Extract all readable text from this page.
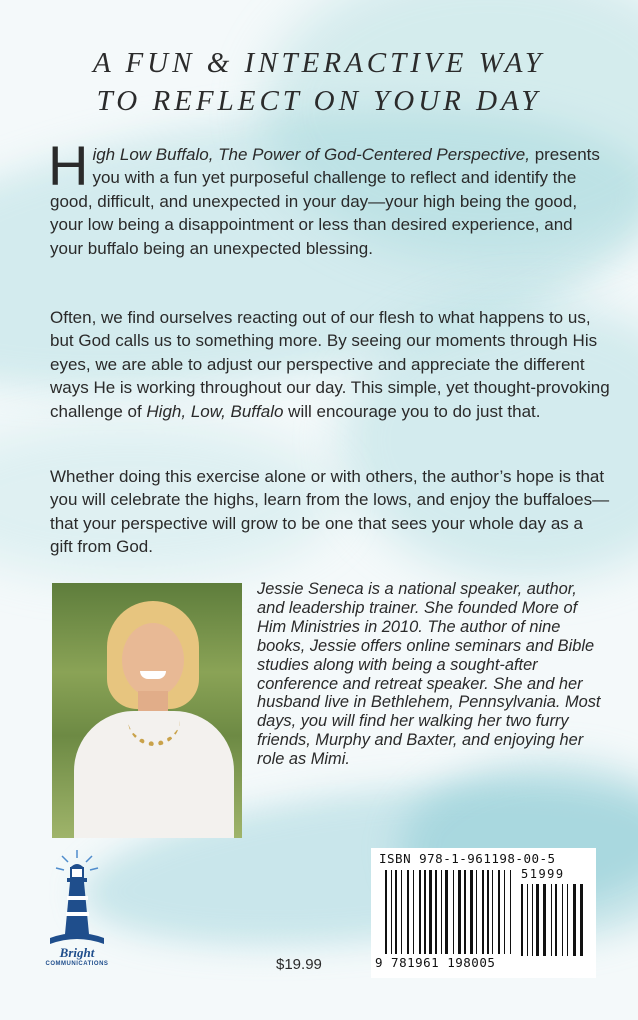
A FUN & INTERACTIVE WAY
TO REFLECT ON YOUR DAY
High Low Buffalo, The Power of God-Centered Perspective, presents you with a fun yet purposeful challenge to reflect and identify the good, difficult, and unexpected in your day—your high being the good, your low being a disappointment or less than desired experience, and your buffalo being an unexpected blessing.
Often, we find ourselves reacting out of our flesh to what happens to us, but God calls us to something more. By seeing our moments through His eyes, we are able to adjust our perspective and appreciate the different ways He is working throughout our day. This simple, yet thought-provoking challenge of High, Low, Buffalo will encourage you to do just that.
Whether doing this exercise alone or with others, the author’s hope is that you will celebrate the highs, learn from the lows, and enjoy the buffaloes—that your perspective will grow to be one that sees your whole day as a gift from God.
Jessie Seneca is a national speaker, author, and leadership trainer. She founded More of Him Ministries in 2010. The author of nine books, Jessie offers online seminars and Bible studies along with being a sought-after conference and retreat speaker. She and her husband live in Bethlehem, Pennsylvania. Most days, you will find her walking her two furry friends, Murphy and Baxter, and enjoying her role as Mimi.
Bright
COMMUNICATIONS	$19.99
ISBN 978-1-961198-00-5
51999
9 781961 198005
